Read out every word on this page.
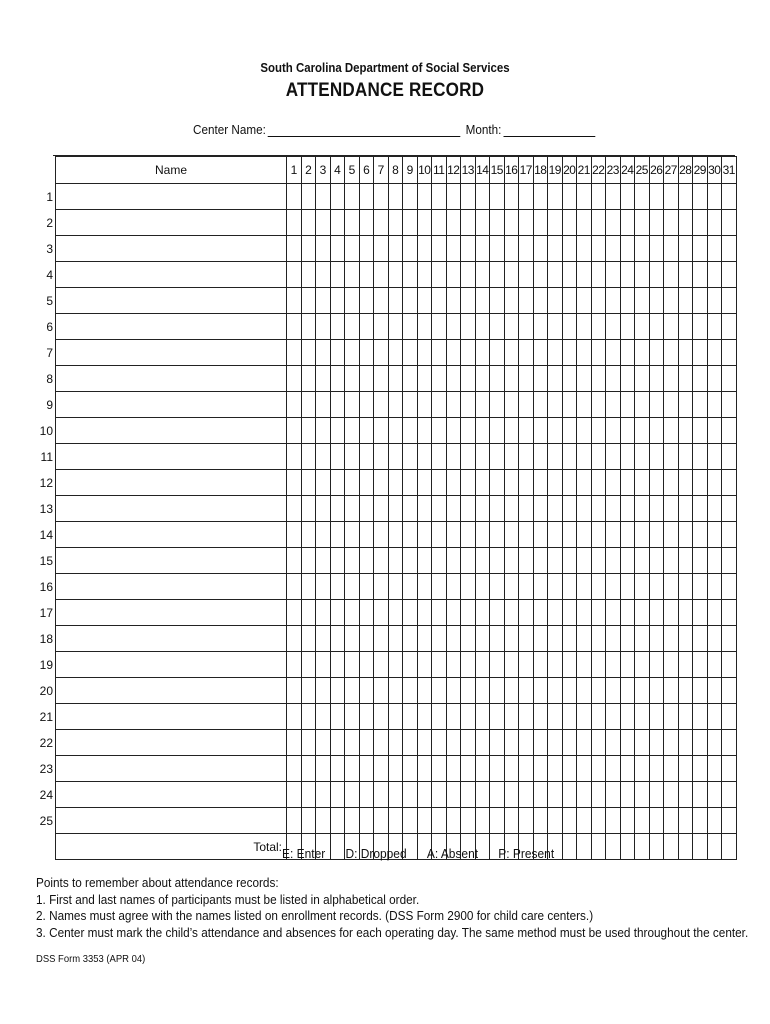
South Carolina Department of Social Services
ATTENDANCE RECORD
Center Name:	Month:
	Name	1	2	3	4	5	6	7	8	9	10	11	12	13	14	15	16	17	18	19	20	21	22	23	24	25	26	27	28	29	30	31
1																																
2																																
3																																
4																																
5																																
6																																
7																																
8																																
9																																
10																																
11																																
12																																
13																																
14																																
15																																
16																																
17																																
18																																
19																																
20																																
21																																
22																																
23																																
24																																
25																																
	Total:																															E: Enter D: Dropped A: Absent P: Present
Points to remember about attendance records:
1. First and last names of participants must be listed in alphabetical order.
2. Names must agree with the names listed on enrollment records. (DSS Form 2900 for child care centers.)
3. Center must mark the child’s attendance and absences for each operating day. The same method must be used throughout the center.
DSS Form 3353 (APR 04)
